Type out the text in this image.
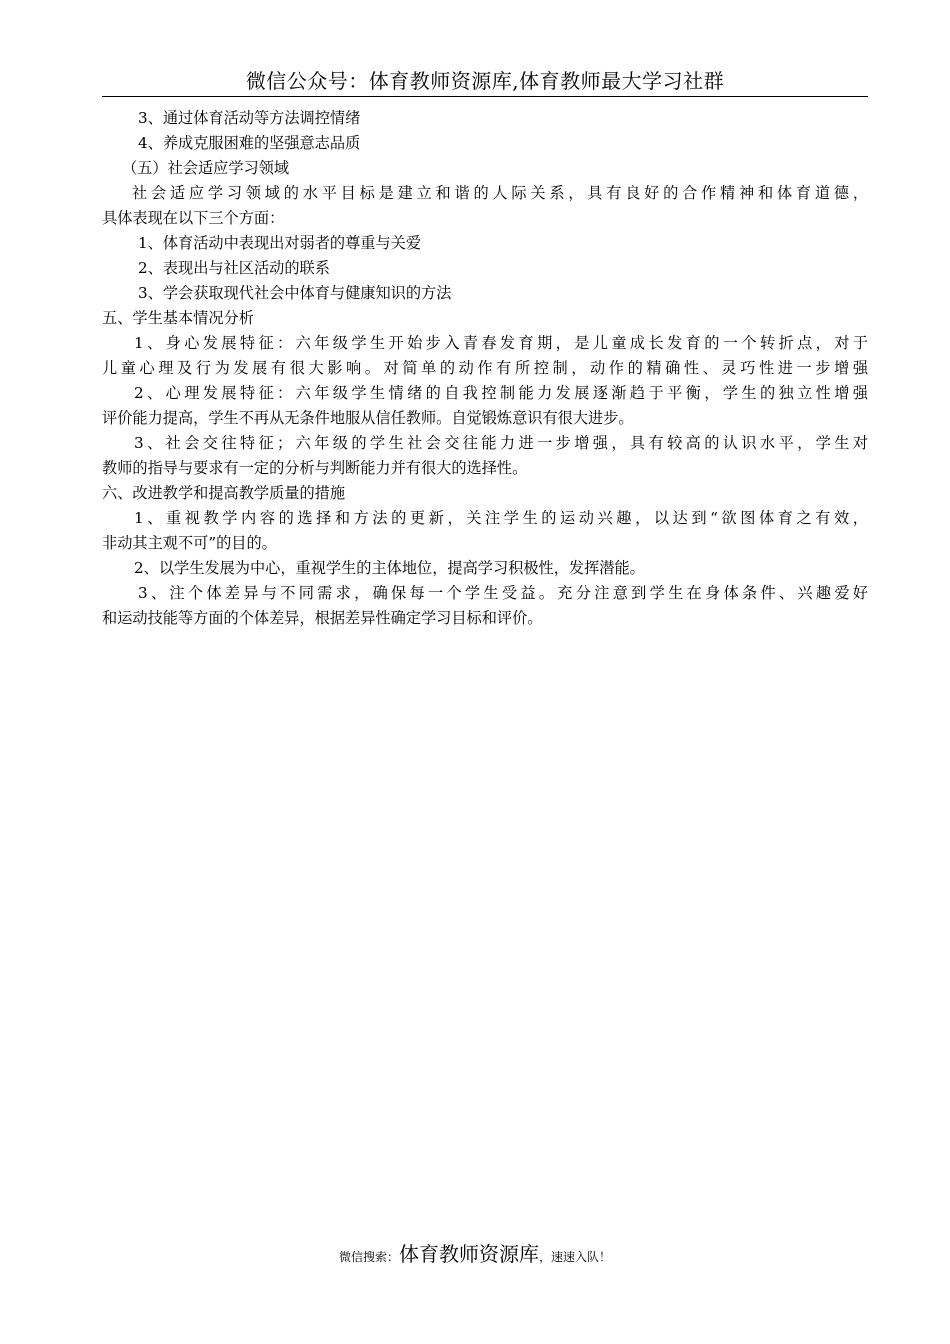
微信公众号：体育教师资源库,体育教师最大学习社群
3、通过体育活动等方法调控情绪
4、养成克服困难的坚强意志品质
（五）社会适应学习领域
社会适应学习领域的水平目标是建立和谐的人际关系，具有良好的合作精神和体育道德，
具体表现在以下三个方面：
1、体育活动中表现出对弱者的尊重与关爱
2、表现出与社区活动的联系
3、学会获取现代社会中体育与健康知识的方法
五、学生基本情况分析
1、身心发展特征：六年级学生开始步入青春发育期，是儿童成长发育的一个转折点，对于
儿童心理及行为发展有很大影响。对简单的动作有所控制，动作的精确性、灵巧性进一步增强
2、心理发展特征：六年级学生情绪的自我控制能力发展逐渐趋于平衡，学生的独立性增强
评价能力提高，学生不再从无条件地服从信任教师。自觉锻炼意识有很大进步。
3、社会交往特征；六年级的学生社会交往能力进一步增强，具有较高的认识水平，学生对
教师的指导与要求有一定的分析与判断能力并有很大的选择性。
六、改进教学和提高教学质量的措施
1、重视教学内容的选择和方法的更新，关注学生的运动兴趣，以达到“欲图体育之有效，
非动其主观不可”的目的。
2、以学生发展为中心，重视学生的主体地位，提高学习积极性，发挥潜能。
3、注个体差异与不同需求，确保每一个学生受益。充分注意到学生在身体条件、兴趣爱好
和运动技能等方面的个体差异，根据差异性确定学习目标和评价。
微信搜索：体育教师资源库，速速入队！
